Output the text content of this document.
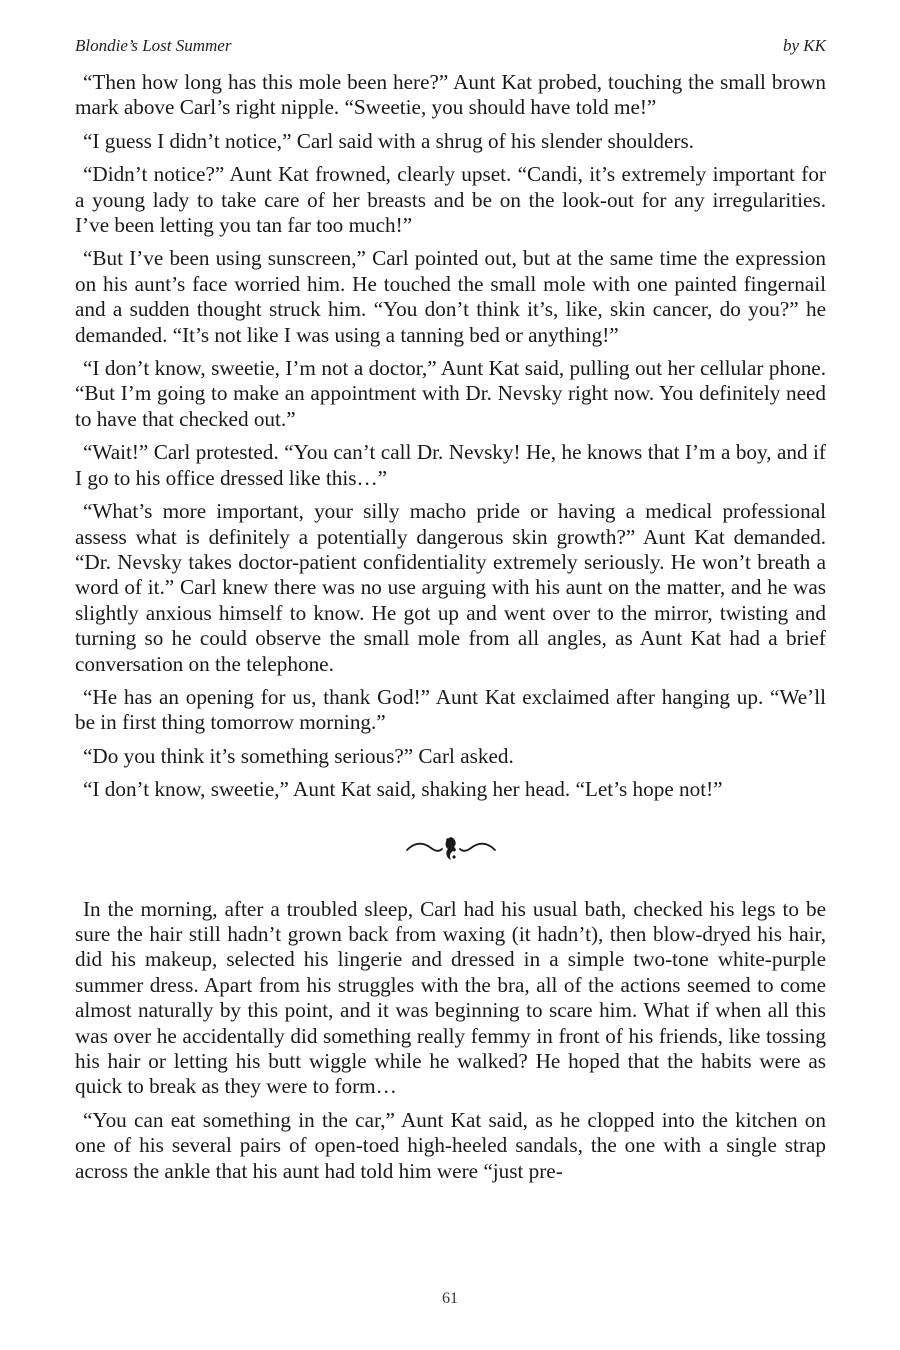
Blondie’s Lost Summer	by KK

“Then how long has this mole been here?” Aunt Kat probed, touching the small brown mark above Carl’s right nipple. “Sweetie, you should have told me!”

“I guess I didn’t notice,” Carl said with a shrug of his slender shoulders.

“Didn’t notice?” Aunt Kat frowned, clearly upset. “Candi, it’s extremely important for a young lady to take care of her breasts and be on the look-out for any irregularities. I’ve been letting you tan far too much!”

“But I’ve been using sunscreen,” Carl pointed out, but at the same time the expression on his aunt’s face worried him. He touched the small mole with one painted fingernail and a sudden thought struck him. “You don’t think it’s, like, skin cancer, do you?” he demanded. “It’s not like I was using a tanning bed or anything!”

“I don’t know, sweetie, I’m not a doctor,” Aunt Kat said, pulling out her cellular phone. “But I’m going to make an appointment with Dr. Nevsky right now. You definitely need to have that checked out.”

“Wait!” Carl protested. “You can’t call Dr. Nevsky! He, he knows that I’m a boy, and if I go to his office dressed like this…”

“What’s more important, your silly macho pride or having a medical professional assess what is definitely a potentially dangerous skin growth?” Aunt Kat demanded. “Dr. Nevsky takes doctor-patient confidentiality extremely seriously. He won’t breath a word of it.” Carl knew there was no use arguing with his aunt on the matter, and he was slightly anxious himself to know. He got up and went over to the mirror, twisting and turning so he could observe the small mole from all angles, as Aunt Kat had a brief conversation on the telephone.

“He has an opening for us, thank God!” Aunt Kat exclaimed after hanging up. “We’ll be in first thing tomorrow morning.”

“Do you think it’s something serious?” Carl asked.

“I don’t know, sweetie,” Aunt Kat said, shaking her head. “Let’s hope not!”

In the morning, after a troubled sleep, Carl had his usual bath, checked his legs to be sure the hair still hadn’t grown back from waxing (it hadn’t), then blow-dryed his hair, did his makeup, selected his lingerie and dressed in a simple two-tone white-purple summer dress. Apart from his struggles with the bra, all of the actions seemed to come almost naturally by this point, and it was beginning to scare him. What if when all this was over he accidentally did something really femmy in front of his friends, like tossing his hair or letting his butt wiggle while he walked? He hoped that the habits were as quick to break as they were to form…

“You can eat something in the car,” Aunt Kat said, as he clopped into the kitchen on one of his several pairs of open-toed high-heeled sandals, the one with a single strap across the ankle that his aunt had told him were “just pre-

61
